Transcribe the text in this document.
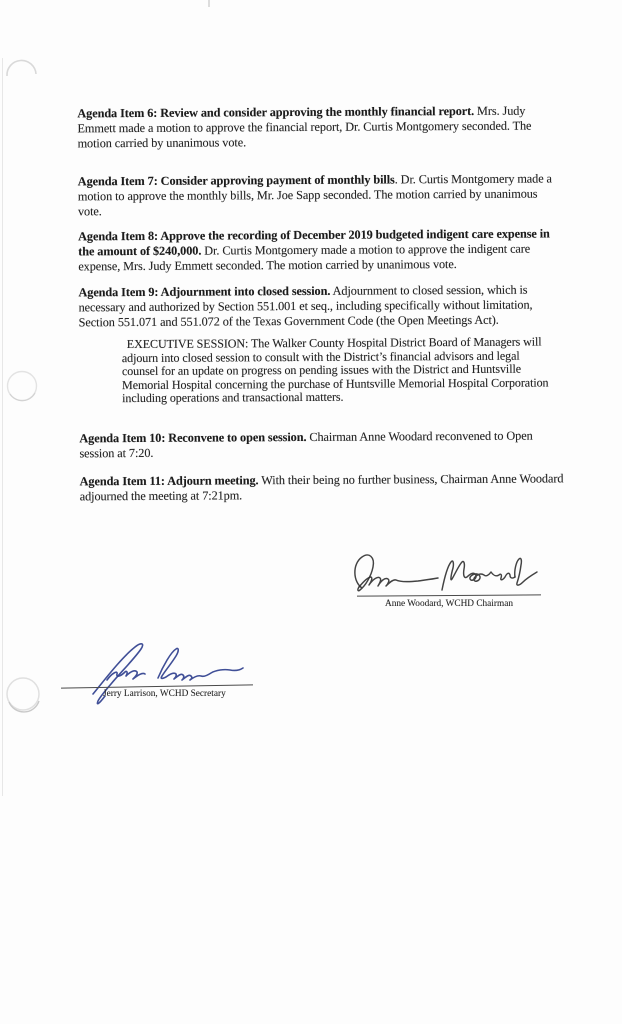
Agenda Item 6: Review and consider approving the monthly financial report. Mrs. Judy Emmett made a motion to approve the financial report, Dr. Curtis Montgomery seconded. The motion carried by unanimous vote.

Agenda Item 7: Consider approving payment of monthly bills. Dr. Curtis Montgomery made a motion to approve the monthly bills, Mr. Joe Sapp seconded. The motion carried by unanimous vote.

Agenda Item 8: Approve the recording of December 2019 budgeted indigent care expense in the amount of $240,000. Dr. Curtis Montgomery made a motion to approve the indigent care expense, Mrs. Judy Emmett seconded. The motion carried by unanimous vote.

Agenda Item 9: Adjournment into closed session. Adjournment to closed session, which is necessary and authorized by Section 551.001 et seq., including specifically without limitation, Section 551.071 and 551.072 of the Texas Government Code (the Open Meetings Act).

EXECUTIVE SESSION: The Walker County Hospital District Board of Managers will adjourn into closed session to consult with the District’s financial advisors and legal counsel for an update on progress on pending issues with the District and Huntsville Memorial Hospital concerning the purchase of Huntsville Memorial Hospital Corporation including operations and transactional matters.

Agenda Item 10: Reconvene to open session. Chairman Anne Woodard reconvened to Open session at 7:20.

Agenda Item 11: Adjourn meeting. With their being no further business, Chairman Anne Woodard adjourned the meeting at 7:21pm.

Anne Woodard, WCHD Chairman
Jerry Larrison, WCHD Secretary
